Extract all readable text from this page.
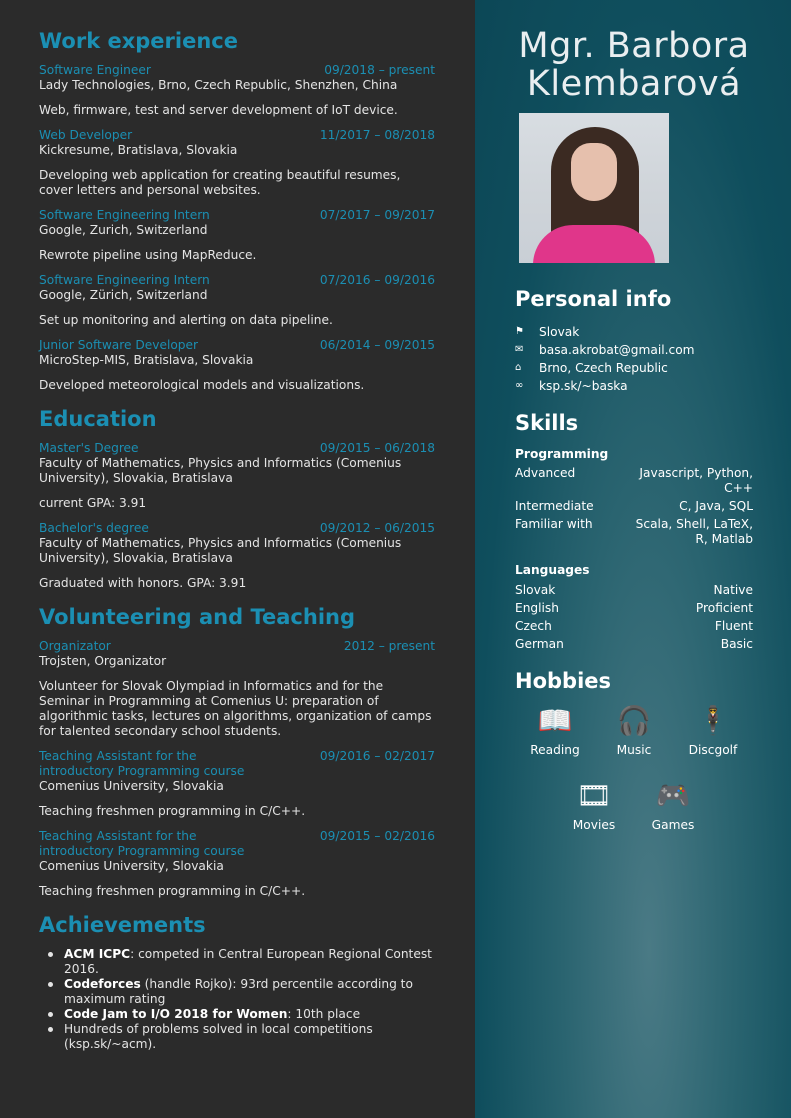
Work experience
Software Engineer	09/2018 – present
Lady Technologies, Brno, Czech Republic, Shenzhen, China
Web, firmware, test and server development of IoT device.
Web Developer	11/2017 – 08/2018
Kickresume, Bratislava, Slovakia
Developing web application for creating beautiful resumes, cover letters and personal websites.
Software Engineering Intern	07/2017 – 09/2017
Google, Zurich, Switzerland
Rewrote pipeline using MapReduce.
Software Engineering Intern	07/2016 – 09/2016
Google, Zürich, Switzerland
Set up monitoring and alerting on data pipeline.
Junior Software Developer	06/2014 – 09/2015
MicroStep-MIS, Bratislava, Slovakia
Developed meteorological models and visualizations.
Education
Master's Degree	09/2015 – 06/2018
Faculty of Mathematics, Physics and Informatics (Comenius University), Slovakia, Bratislava
current GPA: 3.91
Bachelor's degree	09/2012 – 06/2015
Faculty of Mathematics, Physics and Informatics (Comenius University), Slovakia, Bratislava
Graduated with honors. GPA: 3.91
Volunteering and Teaching
Organizator	2012 – present
Trojsten, Organizator
Volunteer for Slovak Olympiad in Informatics and for the Seminar in Programming at Comenius U: preparation of algorithmic tasks, lectures on algorithms, organization of camps for talented secondary school students.
Teaching Assistant for the introductory Programming course
09/2016 – 02/2017
Comenius University, Slovakia
Teaching freshmen programming in C/C++.
Teaching Assistant for the introductory Programming course
09/2015 – 02/2016
Comenius University, Slovakia
Teaching freshmen programming in C/C++.
Achievements
ACM ICPC: competed in Central European Regional Contest 2016.
Codeforces (handle Rojko): 93rd percentile according to maximum rating
Code Jam to I/O 2018 for Women: 10th place
Hundreds of problems solved in local competitions (ksp.sk/~acm).
Mgr. Barbora Klembarová
Personal info
⚑	Slovak
✉	basa.akrobat@gmail.com
⌂	Brno, Czech Republic
∞	ksp.sk/~baska
Skills
Programming
Advanced	Javascript, Python, C++
Intermediate	C, Java, SQL
Familiar with	Scala, Shell, LaTeX, R, Matlab
Languages
Slovak	Native
English	Proficient
Czech	Fluent
German	Basic
Hobbies
📖
Reading
🎧
Music
🕴
Discgolf
🎞
Movies
🎮
Games
